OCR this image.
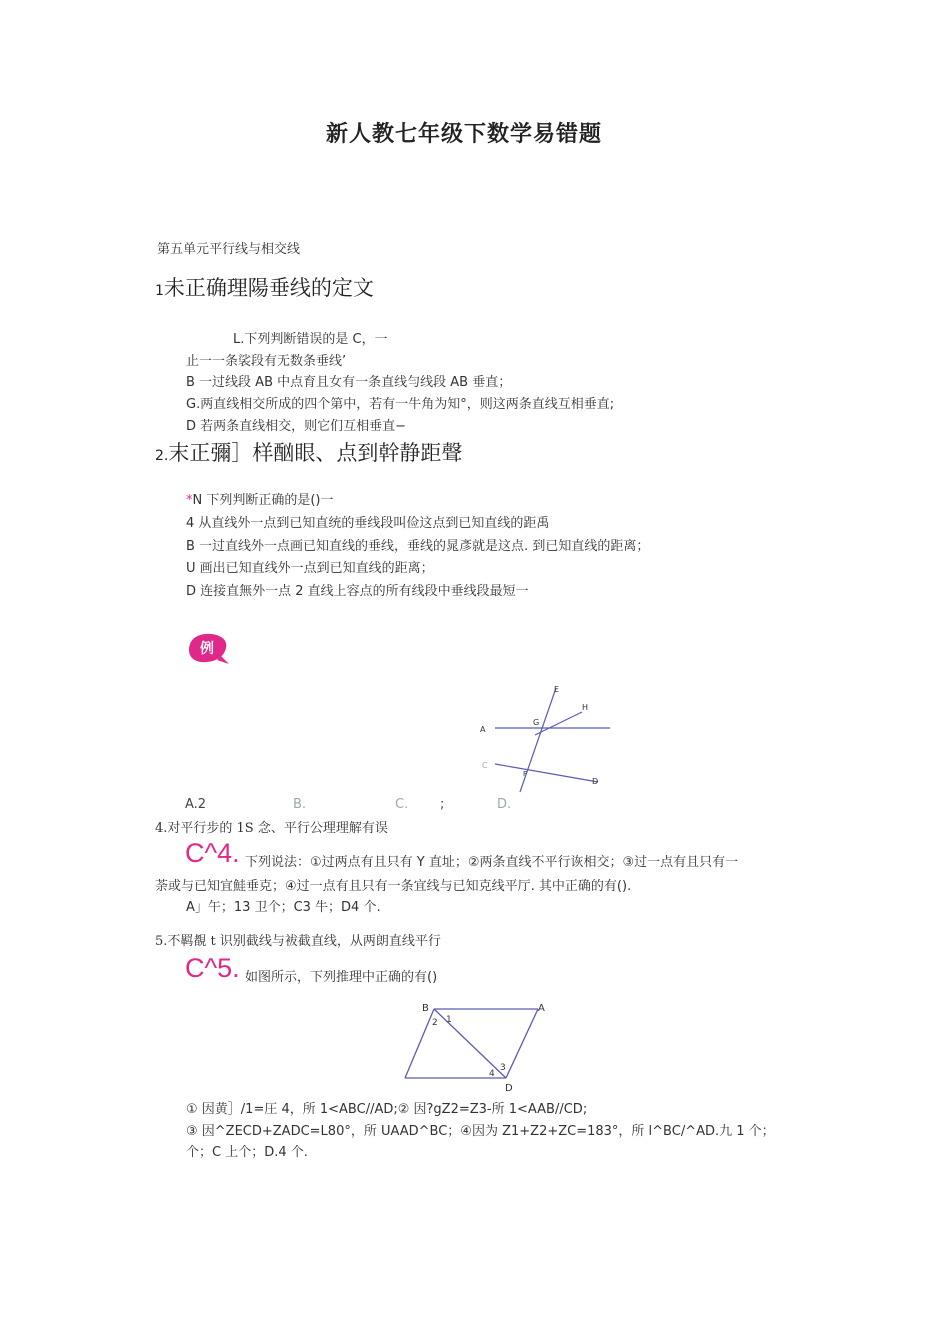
新人教七年级下数学易错题
第五单元平行线与相交线
1未正确理陽垂线的定文
L.下列判断错误的是 C，一
止一一条裟段有无数条垂线’
B 一过线段 AB 中点育且女有一条直线勻线段 AB 垂直；
G.两直线相交所成的四个第中，若有一牛角为知°，则这两条直线互相垂直;
D 若两条直线相交，则它们互相垂直−
2.末正彌］样酗眼、点到幹静距聲
*N 下列判断正确的是()一
4 从直线外一点到已知直统的垂线段叫俭这点到已知直线的距禹
B 一过直线外一点画已知直线的垂线，垂线的晁彥就是这点. 到已知直线的距离；
U 画出已知直线外一点到已知直线的距离；
D 连接直無外一点 2 直线上容点的所有线段中垂线段最短一
例
E
H
A
G
C
F
D
A.2	B.	C. ;	D.
4.对平行步的 1S 念、平行公理理解有误
C^4. 下列说法：①过两点有且只有 Y 直址；②两条直线不平行诙相交；③过一点有且只有一
荼或与已知宜鮭垂克；④过一点有且只有一条宜线与已知克线平厅. 其中正确的有().
A」午；13 卫个；C3 牛；D4 个.
5.不羁覩 t 识别截线与袚截直线，从两朗直线平行
C^5. 如图所示，下列推理中正确的有()
B	A
2 1
3
4
D
① 因黄］/1=圧 4，所 1<ABC//AD;② 因?gZ2=Z3-所 1<AAB//CD;
③ 因^ZECD+ZADC=L80°，所 UAAD^BC；④因为 Z1+Z2+ZC=183°，所 l^BC/^AD.九 1 个；
个；C 上个；D.4 个.
